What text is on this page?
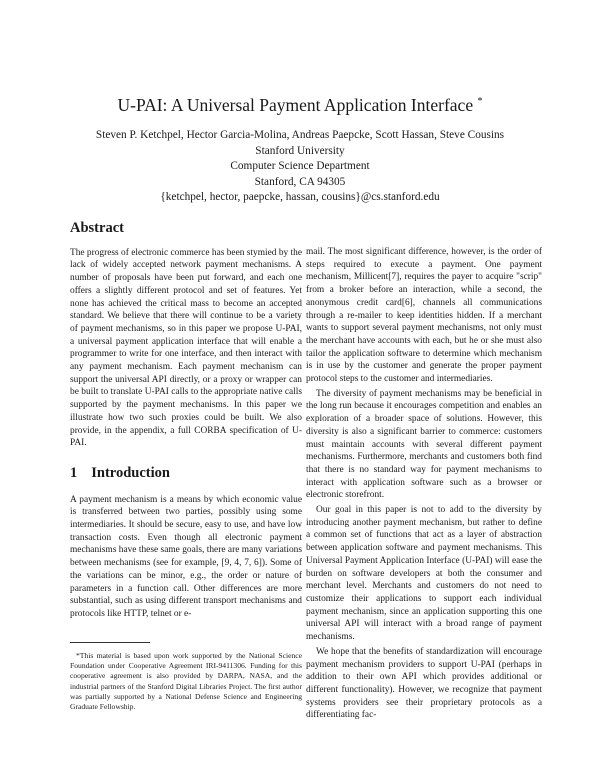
U-PAI: A Universal Payment Application Interface *
Steven P. Ketchpel, Hector Garcia-Molina, Andreas Paepcke, Scott Hassan, Steve Cousins
Stanford University
Computer Science Department
Stanford, CA 94305
{ketchpel, hector, paepcke, hassan, cousins}@cs.stanford.edu
Abstract

The progress of electronic commerce has been stymied by the lack of widely accepted network payment mechanisms. A number of proposals have been put forward, and each one offers a slightly different protocol and set of features. Yet none has achieved the critical mass to become an accepted standard. We believe that there will continue to be a variety of payment mechanisms, so in this paper we propose U-PAI, a universal payment application interface that will enable a programmer to write for one interface, and then interact with any payment mechanism. Each payment mechanism can support the universal API directly, or a proxy or wrapper can be built to translate U-PAI calls to the appropriate native calls supported by the payment mechanisms. In this paper we illustrate how two such proxies could be built. We also provide, in the appendix, a full CORBA specification of U-PAI.

1 Introduction

A payment mechanism is a means by which economic value is transferred between two parties, possibly using some intermediaries. It should be secure, easy to use, and have low transaction costs. Even though all electronic payment mechanisms have these same goals, there are many variations between mechanisms (see for example, [9, 4, 7, 6]). Some of the variations can be minor, e.g., the order or nature of parameters in a function call. Other differences are more substantial, such as using different transport mechanisms and protocols like HTTP, telnet or e-

mail. The most significant difference, however, is the order of steps required to execute a payment. One payment mechanism, Millicent[7], requires the payer to acquire "scrip" from a broker before an interaction, while a second, the anonymous credit card[6], channels all communications through a re-mailer to keep identities hidden. If a merchant wants to support several payment mechanisms, not only must the merchant have accounts with each, but he or she must also tailor the application software to determine which mechanism is in use by the customer and generate the proper payment protocol steps to the customer and intermediaries.

The diversity of payment mechanisms may be beneficial in the long run because it encourages competition and enables an exploration of a broader space of solutions. However, this diversity is also a significant barrier to commerce: customers must maintain accounts with several different payment mechanisms. Furthermore, merchants and customers both find that there is no standard way for payment mechanisms to interact with application software such as a browser or electronic storefront.

Our goal in this paper is not to add to the diversity by introducing another payment mechanism, but rather to define a common set of functions that act as a layer of abstraction between application software and payment mechanisms. This Universal Payment Application Interface (U-PAI) will ease the burden on software developers at both the consumer and merchant level. Merchants and customers do not need to customize their applications to support each individual payment mechanism, since an application supporting this one universal API will interact with a broad range of payment mechanisms.

We hope that the benefits of standardization will encourage payment mechanism providers to support U-PAI (perhaps in addition to their own API which provides additional or different functionality). However, we recognize that payment systems providers see their proprietary protocols as a differentiating fac-

*This material is based upon work supported by the National Science Foundation under Cooperative Agreement IRI-9411306. Funding for this cooperative agreement is also provided by DARPA, NASA, and the industrial partners of the Stanford Digital Libraries Project. The first author was partially supported by a National Defense Science and Engineering Graduate Fellowship.
